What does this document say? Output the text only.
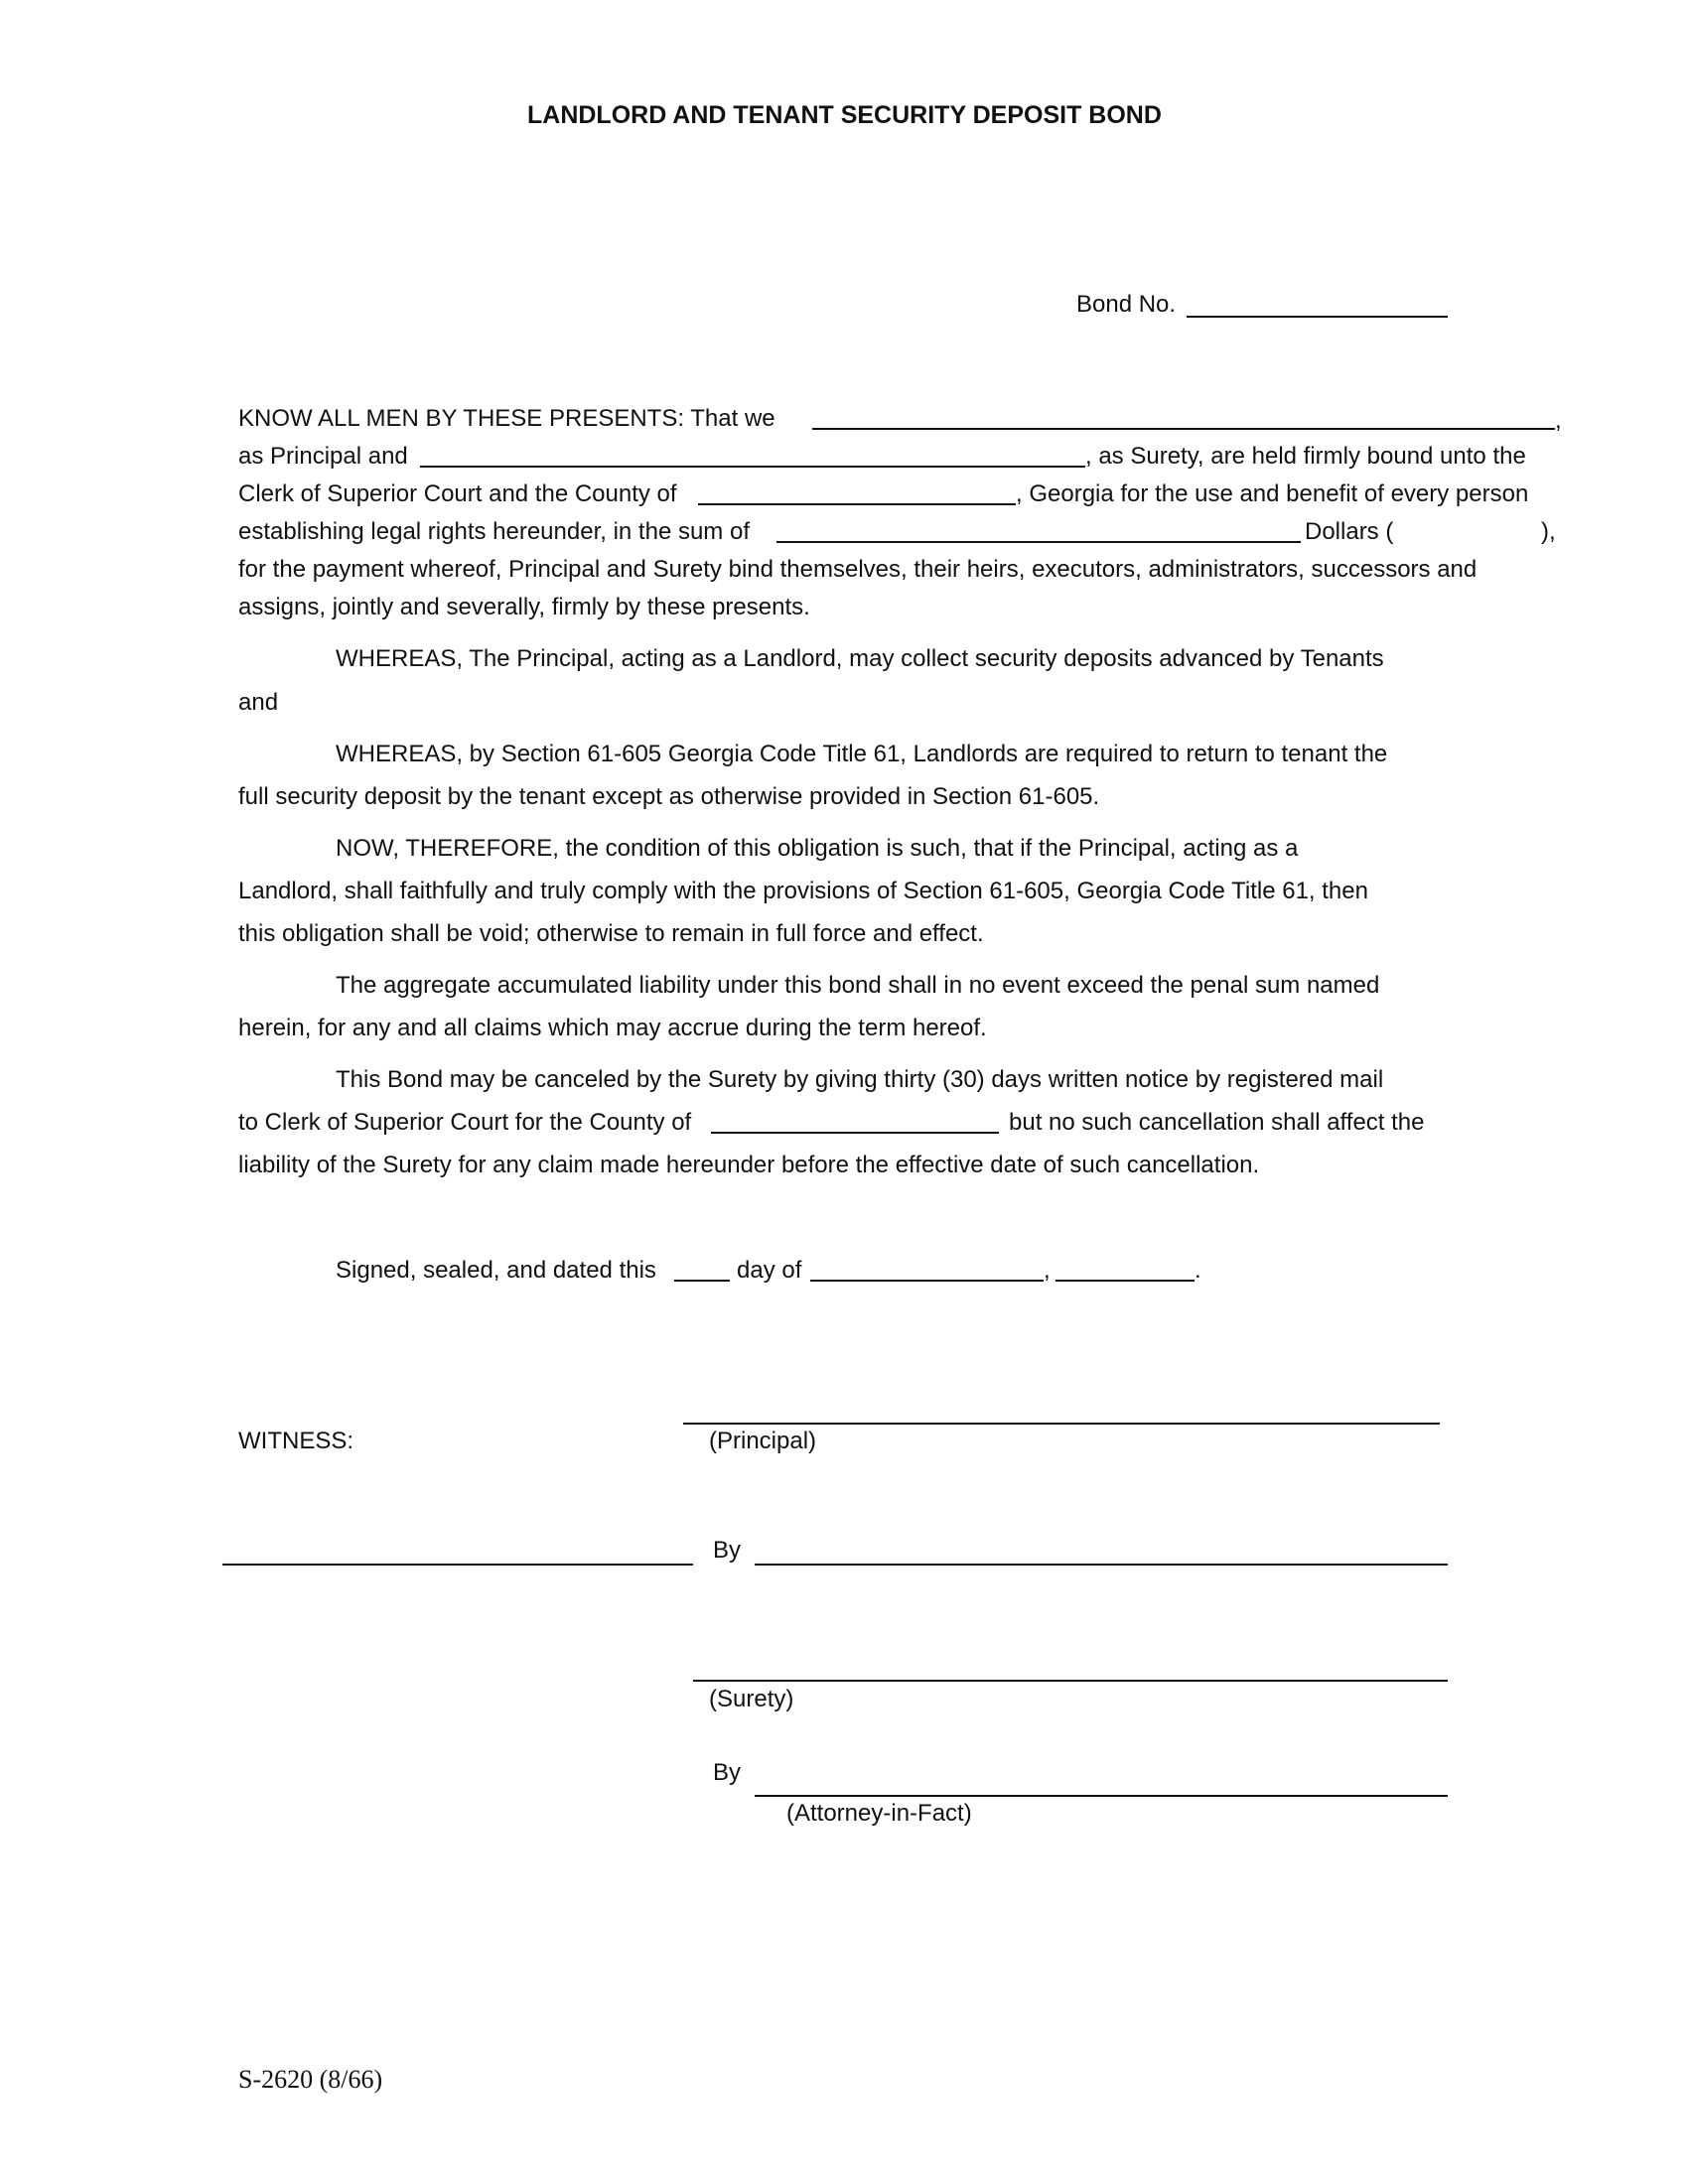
LANDLORD AND TENANT SECURITY DEPOSIT BOND
Bond No.
KNOW ALL MEN BY THESE PRESENTS: That we	,
as Principal and	, as Surety, are held firmly bound unto the
Clerk of Superior Court and the County of	, Georgia for the use and benefit of every person
establishing legal rights hereunder, in the sum of	Dollars (	),
for the payment whereof, Principal and Surety bind themselves, their heirs, executors, administrators, successors and
assigns, jointly and severally, firmly by these presents.
WHEREAS, The Principal, acting as a Landlord, may collect security deposits advanced by Tenants
and
WHEREAS, by Section 61-605 Georgia Code Title 61, Landlords are required to return to tenant the
full security deposit by the tenant except as otherwise provided in Section 61-605.
NOW, THEREFORE, the condition of this obligation is such, that if the Principal, acting as a
Landlord, shall faithfully and truly comply with the provisions of Section 61-605, Georgia Code Title 61, then
this obligation shall be void; otherwise to remain in full force and effect.
The aggregate accumulated liability under this bond shall in no event exceed the penal sum named
herein, for any and all claims which may accrue during the term hereof.
This Bond may be canceled by the Surety by giving thirty (30) days written notice by registered mail
to Clerk of Superior Court for the County of	but no such cancellation shall affect the
liability of the Surety for any claim made hereunder before the effective date of such cancellation.
Signed, sealed, and dated this	day of	,	.
WITNESS:	(Principal)
By
(Surety)
By
(Attorney-in-Fact)
S-2620 (8/66)
